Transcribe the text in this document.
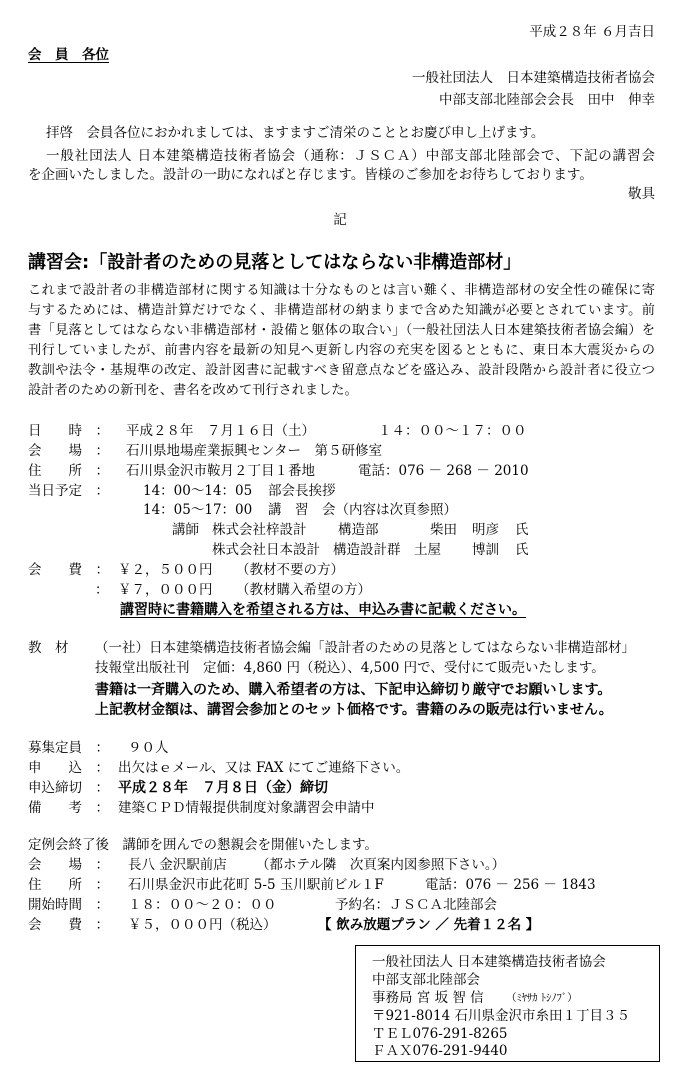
平成２８年 ６月吉日
会　員　各位
一般社団法人　日本建築構造技術者協会
中部支部北陸部会会長　田中　伸幸
拝啓　会員各位におかれましては、ますますご清栄のこととお慶び申し上げます。
一般社団法人 日本建築構造技術者協会（通称：ＪＳＣＡ）中部支部北陸部会で、下記の講習会
を企画いたしました。設計の一助になればと存じます。皆様のご参加をお待ちしております。
敬具
記
講習会:「設計者のための見落としてはならない非構造部材」
これまで設計者の非構造部材に関する知識は十分なものとは言い難く、非構造部材の安全性の確保に寄
与するためには、構造計算だけでなく、非構造部材の納まりまで含めた知識が必要とされています。前
書「見落としてはならない非構造部材・設備と躯体の取合い」（一般社団法人日本建築技術者協会編）を
刊行していましたが、前書内容を最新の知見へ更新し内容の充実を図るとともに、東日本大震災からの
教訓や法令・基規準の改定、設計図書に記載すべき留意点などを盛込み、設計段階から設計者に役立つ
設計者のための新刊を、書名を改めて刊行されました。
日　　時　： 平成２８年　７月１６日（土）	１４：００～１７：００
会　　場　： 石川県地場産業振興センター　第５研修室
住　　所　： 石川県金沢市鞍月２丁目１番地	電話：076 － 268 － 2010
当日予定　：	14：00～14：05 部会長挨拶
14：05～17：00 講　習　会（内容は次頁参照）
講師 株式会社梓設計 構造部	柴田 明彦 氏
株式会社日本設計 構造設計群 土屋 博訓 氏
会　　費　： ￥２，５００円 （教材不要の方）
： ￥７，０００円 （教材購入希望の方）
講習時に書籍購入を希望される方は、申込み書に記載ください。
教　材 （一社）日本建築構造技術者協会編「設計者のための見落としてはならない非構造部材」
技報堂出版社刊　定価：4,860 円（税込）、4,500 円で、受付にて販売いたします。
書籍は一斉購入のため、購入希望者の方は、下記申込締切り厳守でお願いします。
上記教材金額は、講習会参加とのセット価格です。書籍のみの販売は行いません。
募集定員　： ９０人
申　　込　： 出欠はｅメール、又は FAX にてご連絡下さい。
申込締切　： 平成２８年　７月８日（金）締切
備　　考　： 建築ＣＰＤ情報提供制度対象講習会申請中
定例会終了後　講師を囲んでの懇親会を開催いたします。
会　　場　： 長八 金沢駅前店 （都ホテル隣　次頁案内図参照下さい。）
住　　所　： 石川県金沢市此花町 5-5 玉川駅前ビル１F	電話：076 － 256 － 1843
開始時間　： １８：００～２０：００	予約名：ＪＳＣＡ北陸部会
会　　費　： ￥５，０００円（税込）	【 飲み放題プラン ／ 先着１２名 】
一般社団法人 日本建築構造技術者協会
中部支部北陸部会
事務局 宮 坂 智 信 （ﾐﾔｻｶ ﾄｼﾉﾌﾞ）
〒921-8014 石川県金沢市糸田１丁目３５
ＴＥＬ076-291-8265
ＦＡＸ076-291-9440
